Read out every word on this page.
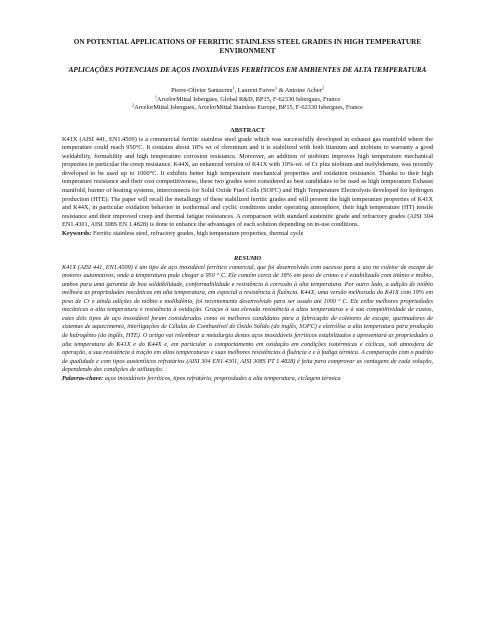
ON POTENTIAL APPLICATIONS OF FERRITIC STAINLESS STEEL GRADES IN HIGH TEMPERATURE ENVIRONMENT

APLICAÇÕES POTENCIAIS DE AÇOS INOXIDÁVEIS FERRÍTICOS EM AMBIENTES DE ALTA TEMPERATURA

Pierre-Olivier Santacreu$^1$, Laurent Faivre$^1$ & Antoine Acher$^2$
$^1$ArcelorMittal Isbergues, Global R&D, BP15, F-62330 Isbergues, France
$^2$ArcelorMittal Isbergues, ArcelorMittal Stainless Europe, BP15, F-62330 Isbergues, France
ABSTRACT
K41X (AISI 441, EN1.4509) is a commercial ferritic stainless steel grade which was successfully developed in exhaust gas manifold where the temperature could reach 950°C. It contains about 18% wt of chromium and it is stabilized with both titanium and niobium to warranty a good weldability, formability and high temperature corrosion resistance. Moreover, an addition of niobium improves high temperature mechanical properties in particular the creep resistance. K44X, an enhanced version of K41X with 19%-wt. of Cr plus niobium and molybdenum, was recently developed to be used up to 1000°C. It exhibits better high temperature mechanical properties and oxidation resistance. Thanks to their high temperature resistance and their cost competitiveness, these two grades were considered as best candidates to be used as high temperature Exhaust manifold, burner of heating systems, interconnects for Solid Oxide Fuel Cells (SOFC) and High Temperature Electrolysis developed for hydrogen production (HTE). The paper will recall the metallurgy of these stabilized ferritic grades and will present the high temperature properties of K41X and K44X, in particular oxidation behavior in isothermal and cyclic conditions under operating atmosphere, their high temperature (HT) tensile resistance and their improved creep and thermal fatigue resistances. A comparison with standard austenitic grade and refractory grades (AISI 304 EN1.4301, AISI 308S EN 1.4828) is done to enhance the advantages of each solution depending on in-use conditions.
Keywords: Ferritic stainless steel, refractory grades, high temperature properties, thermal cycle
RESUMO
K41X (AISI 441, EN1.4509) é um tipo de aço inoxidável ferrítico comercial, que foi desenvolvido com sucesso para a uso no coletor de escape de motores automotivos, onde a temperatura pode chegar a 950 ° C. Ele contém cerca de 18% em peso de cromo e é estabilizado com titânio e nióbio, ambos para uma garantia de boa soldabilidade, conformabilidade e resistência à corrosão à alta temperatura. Por outro lado, a adição de nióbio melhora as propriedades mecânicas em alta temperatura, em especial a resistência à fluência. K44X, uma versão melhorada do K41X com 19% em peso de Cr e ainda adições de nióbio e molibdênio, foi recentemente desenvolvido para ser usado até 1000 ° C. Ele exibe melhores propriedades mecânicas a alta temperatura e resistência à oxidação. Graças à sua elevada resistência a altas temperaturas e à sua competitividade de custos, estes dois tipos de aço inoxidável foram considerados como os melhores candidatos para a fabricação de coletores de escape, queimadores de sistemas de aquecimento, interligações de Células de Combustível de Óxido Sólido (do inglês, SOFC) e eletrólise a alta temperatura para produção de hidrogênio (do inglês, HTE). O artigo vai relembrar a metalurgia destes aços inoxidáveis ferríticos estabilizados e apresentará as propriedades a alta temperatura do K41X e do K44X e, em particular o comportamento em oxidação em condições isotérmicas e cíclicas, sob atmosfera de operação, a sua resistência à tração em altas temperaturas e suas melhores resistências à fluência e e à fadiga térmica. A comparação com o padrão de qualidade e com tipos austeníticos refratários (AISI 304 EN1.4301, AISI 308S PT 1.4828) é feita para comprovar as vantagens de cada solução, dependendo das condições de utilização.
Palavras-chave: aços inoxidáveis ferríticos, tipos refratário, propriedades a alta temperatura, ciclagem térmica
